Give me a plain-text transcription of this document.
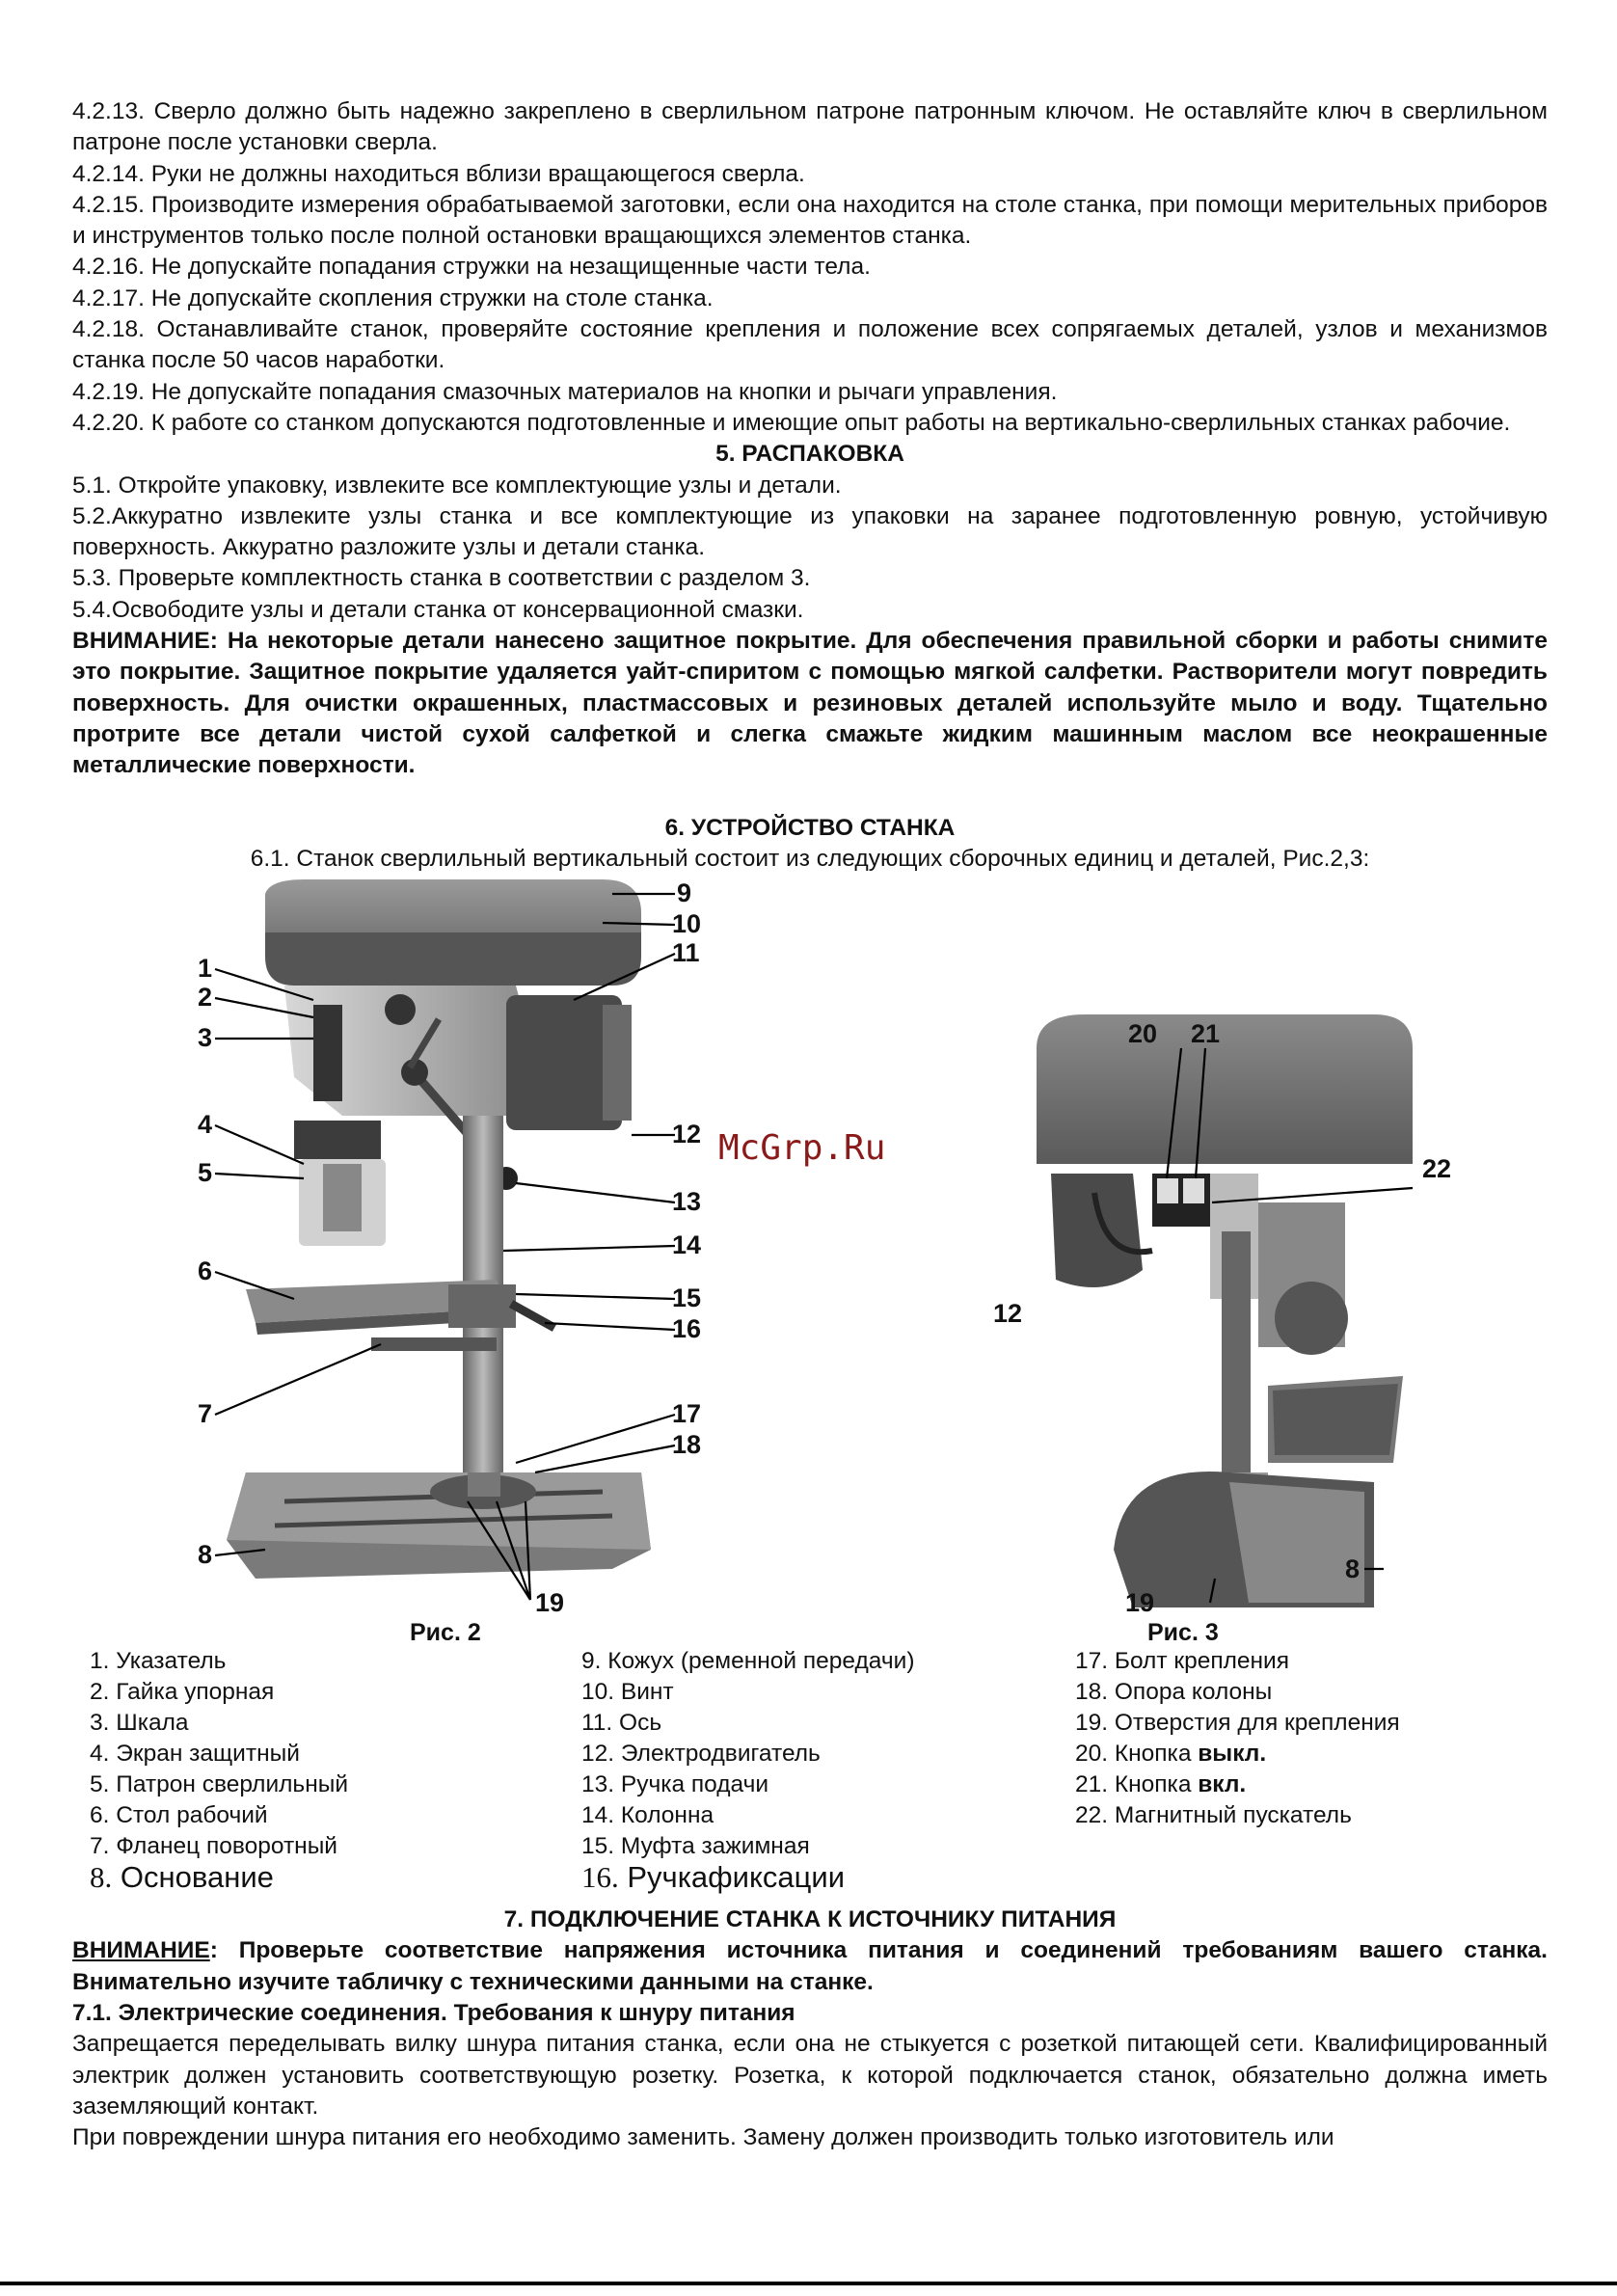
4.2.13. Сверло должно быть надежно закреплено в сверлильном патроне патронным ключом. Не оставляйте ключ в сверлильном патроне после установки сверла.

4.2.14. Руки не должны находиться вблизи вращающегося сверла.

4.2.15. Производите измерения обрабатываемой заготовки, если она находится на столе станка, при помощи мерительных приборов и инструментов только после полной остановки вращающихся элементов станка.

4.2.16. Не допускайте попадания стружки на незащищенные части тела.

4.2.17. Не допускайте скопления стружки на столе станка.

4.2.18. Останавливайте станок, проверяйте состояние крепления и положение всех сопрягаемых деталей, узлов и механизмов станка после 50 часов наработки.

4.2.19. Не допускайте попадания смазочных материалов на кнопки и рычаги управления.

4.2.20. К работе со станком допускаются подготовленные и имеющие опыт работы на вертикально-сверлильных станках рабочие.

5. РАСПАКОВКА

5.1. Откройте упаковку, извлеките все комплектующие узлы и детали.

5.2.Аккуратно извлеките узлы станка и все комплектующие из упаковки на заранее подготовленную ровную, устойчивую поверхность. Аккуратно разложите узлы и детали станка.

5.3. Проверьте комплектность станка в соответствии с разделом 3.

5.4.Освободите узлы и детали станка от консервационной смазки.

ВНИМАНИЕ: На некоторые детали нанесено защитное покрытие. Для обеспечения правильной сборки и работы снимите это покрытие. Защитное покрытие удаляется уайт-спиритом с помощью мягкой салфетки. Растворители могут повредить поверхность. Для очистки окрашенных, пластмассовых и резиновых деталей используйте мыло и воду. Тщательно протрите все детали чистой сухой салфеткой и слегка смажьте жидким машинным маслом все неокрашенные металлические поверхности.

6. УСТРОЙСТВО СТАНКА

6.1. Станок сверлильный вертикальный состоит из следующих сборочных единиц и деталей, Рис.2,3:

9
10
11
12
13
14
15
16
17
18
19
1
2
3
4
5
6
7
8
20 21
22
12
8
19
Рис. 2	Рис. 3
1. Указатель
2. Гайка упорная
3. Шкала
4. Экран защитный
5. Патрон сверлильный
6. Стол рабочий
7. Фланец поворотный
8. Основание
9. Кожух (ременной передачи)
10. Винт
11. Ось
12. Электродвигатель
13. Ручка подачи
14. Колонна
15. Муфта зажимная
16. Ручкафиксации
17. Болт крепления
18. Опора колоны
19. Отверстия для крепления
20. Кнопка выкл.
21. Кнопка вкл.
22. Магнитный пускатель

7. ПОДКЛЮЧЕНИЕ СТАНКА К ИСТОЧНИКУ ПИТАНИЯ

ВНИМАНИЕ: Проверьте соответствие напряжения источника питания и соединений требованиям вашего станка. Внимательно изучите табличку с техническими данными на станке.

7.1. Электрические соединения. Требования к шнуру питания

Запрещается переделывать вилку шнура питания станка, если она не стыкуется с розеткой питающей сети. Квалифицированный электрик должен установить соответствующую розетку. Розетка, к которой подключается станок, обязательно должна иметь заземляющий контакт.

При повреждении шнура питания его необходимо заменить. Замену должен производить только изготовитель или

McGrp.Ru
